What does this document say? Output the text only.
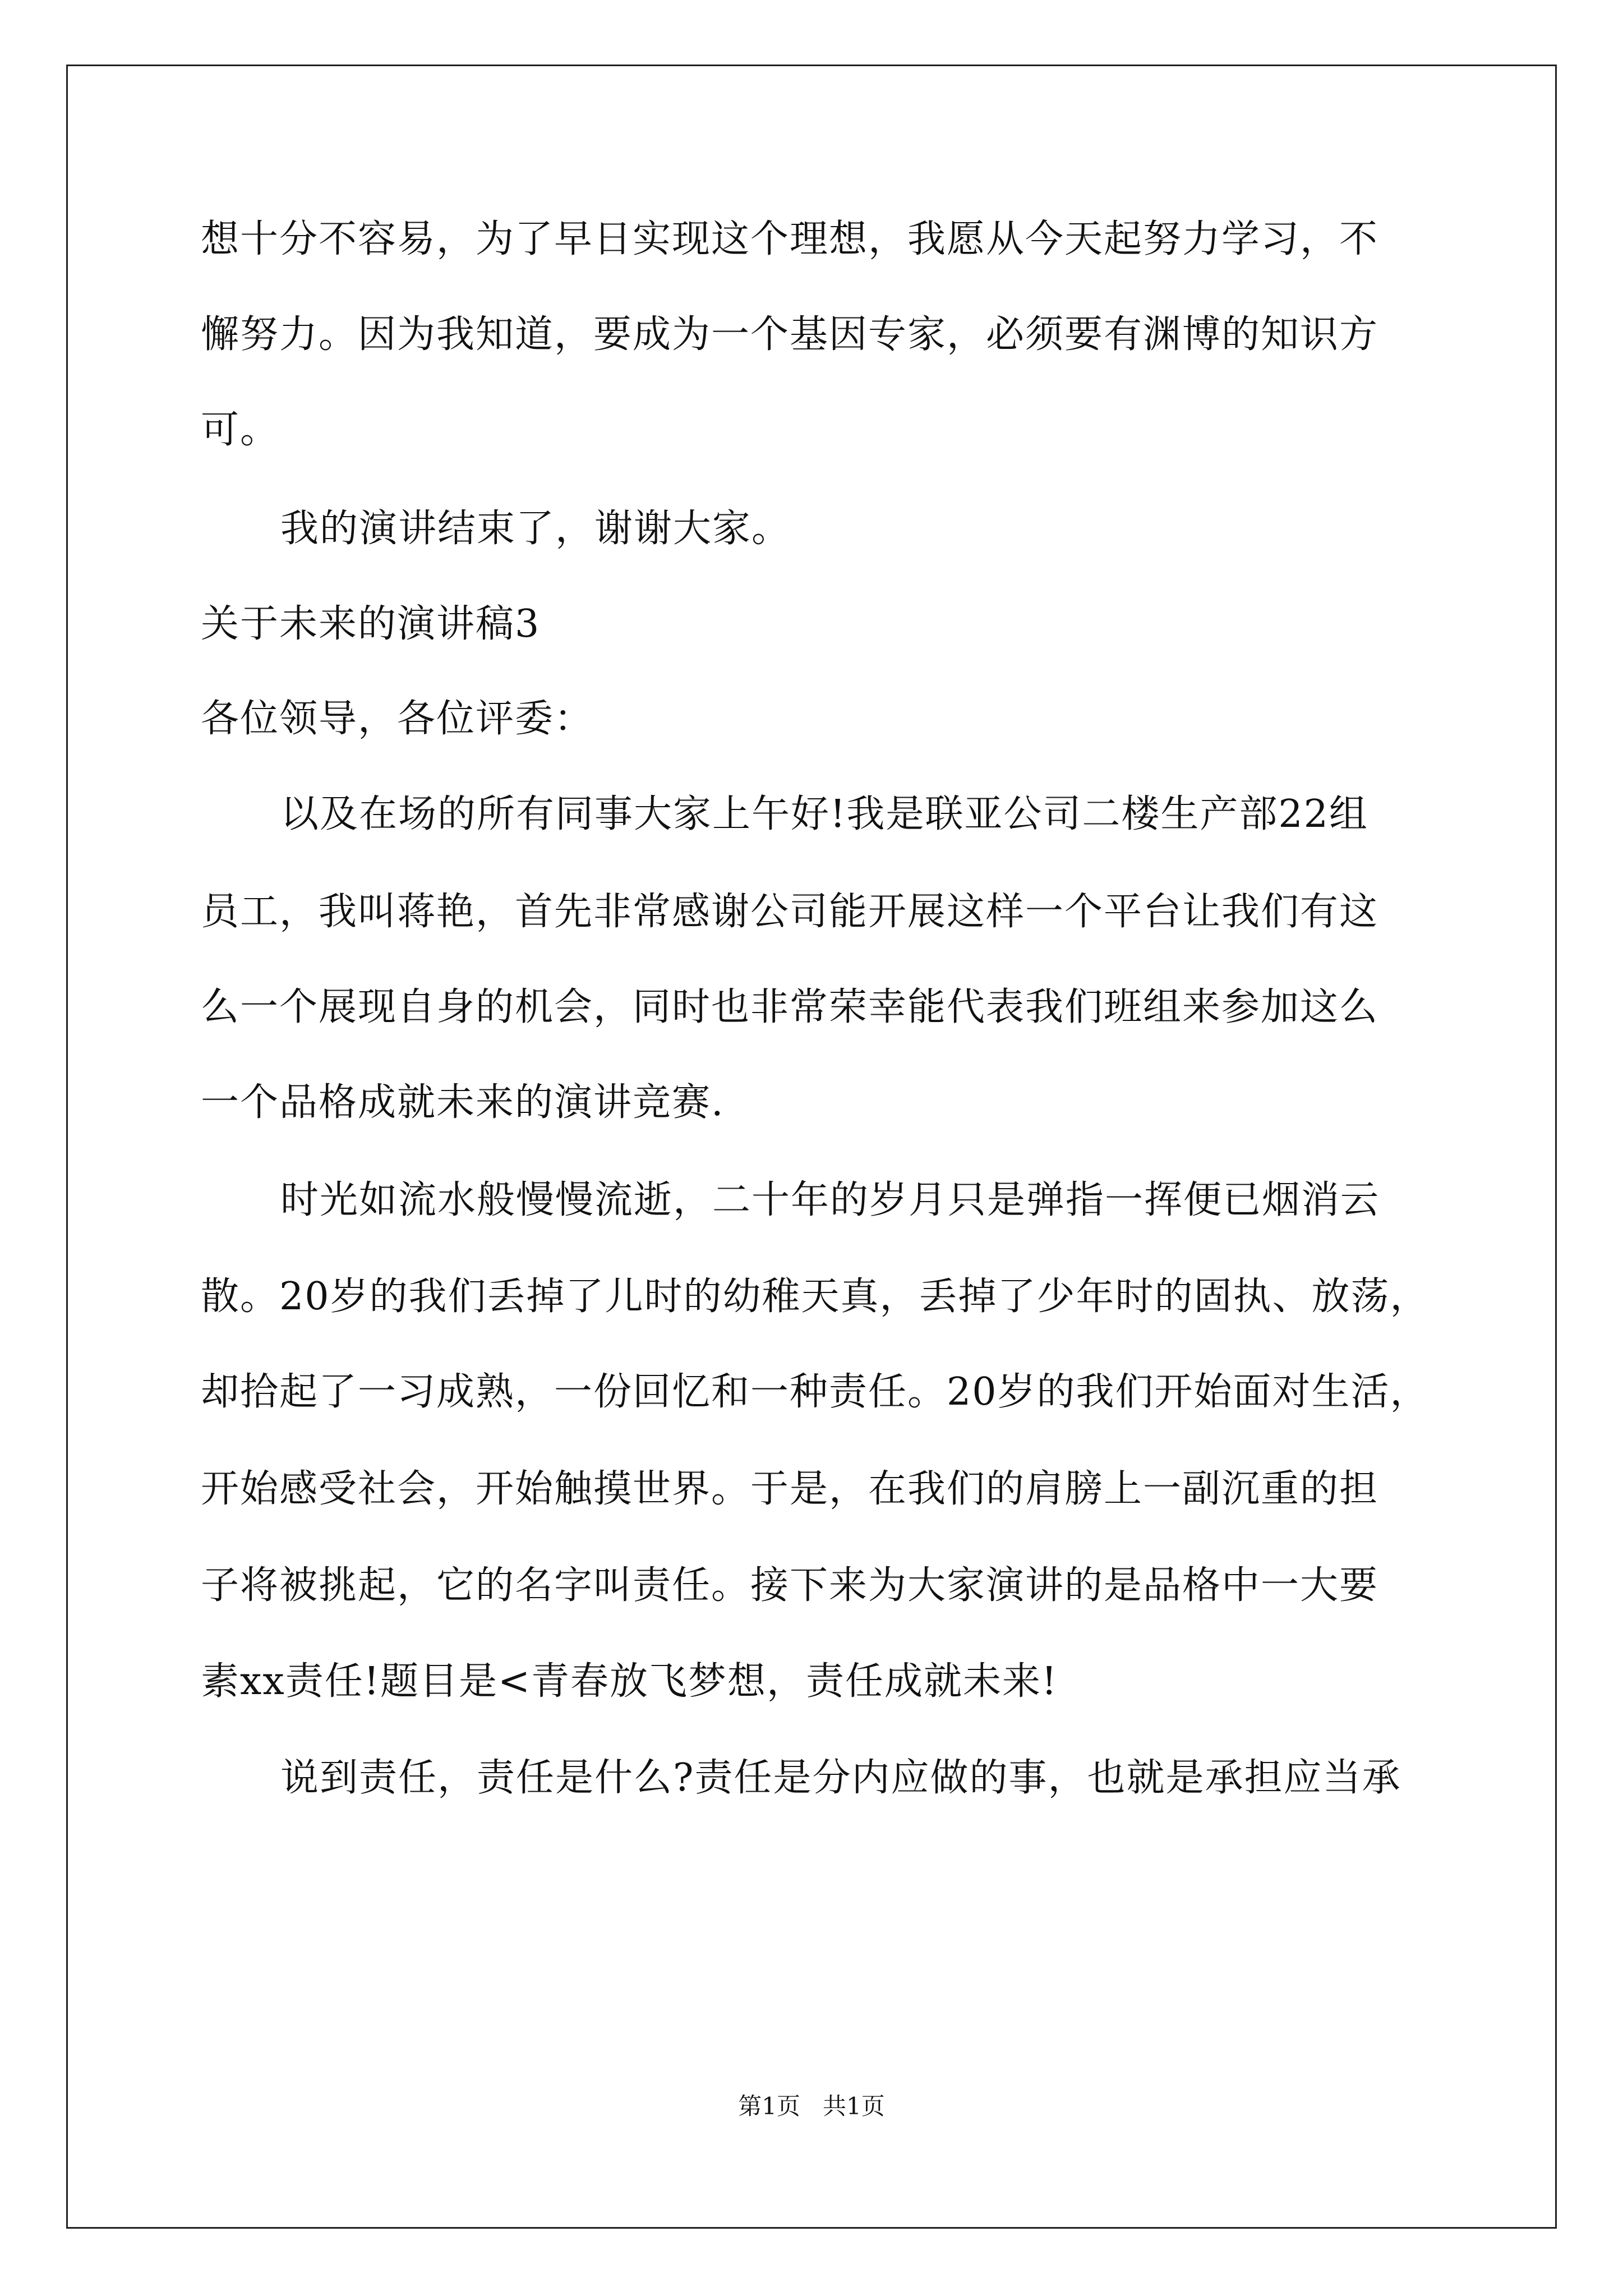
想十分不容易，为了早日实现这个理想，我愿从今天起努力学习，不
懈努力。因为我知道，要成为一个基因专家，必须要有渊博的知识方
可。
我的演讲结束了，谢谢大家。
关于未来的演讲稿3
各位领导，各位评委：
以及在场的所有同事大家上午好!我是联亚公司二楼生产部22组
员工，我叫蒋艳，首先非常感谢公司能开展这样一个平台让我们有这
么一个展现自身的机会，同时也非常荣幸能代表我们班组来参加这么
一个品格成就未来的演讲竞赛.
时光如流水般慢慢流逝，二十年的岁月只是弹指一挥便已烟消云
散。20岁的我们丢掉了儿时的幼稚天真，丢掉了少年时的固执、放荡，
却拾起了一习成熟，一份回忆和一种责任。20岁的我们开始面对生活，
开始感受社会，开始触摸世界。于是，在我们的肩膀上一副沉重的担
子将被挑起，它的名字叫责任。接下来为大家演讲的是品格中一大要
素xx责任!题目是<青春放飞梦想，责任成就未来!
说到责任，责任是什么?责任是分内应做的事，也就是承担应当承
第1页   共1页
